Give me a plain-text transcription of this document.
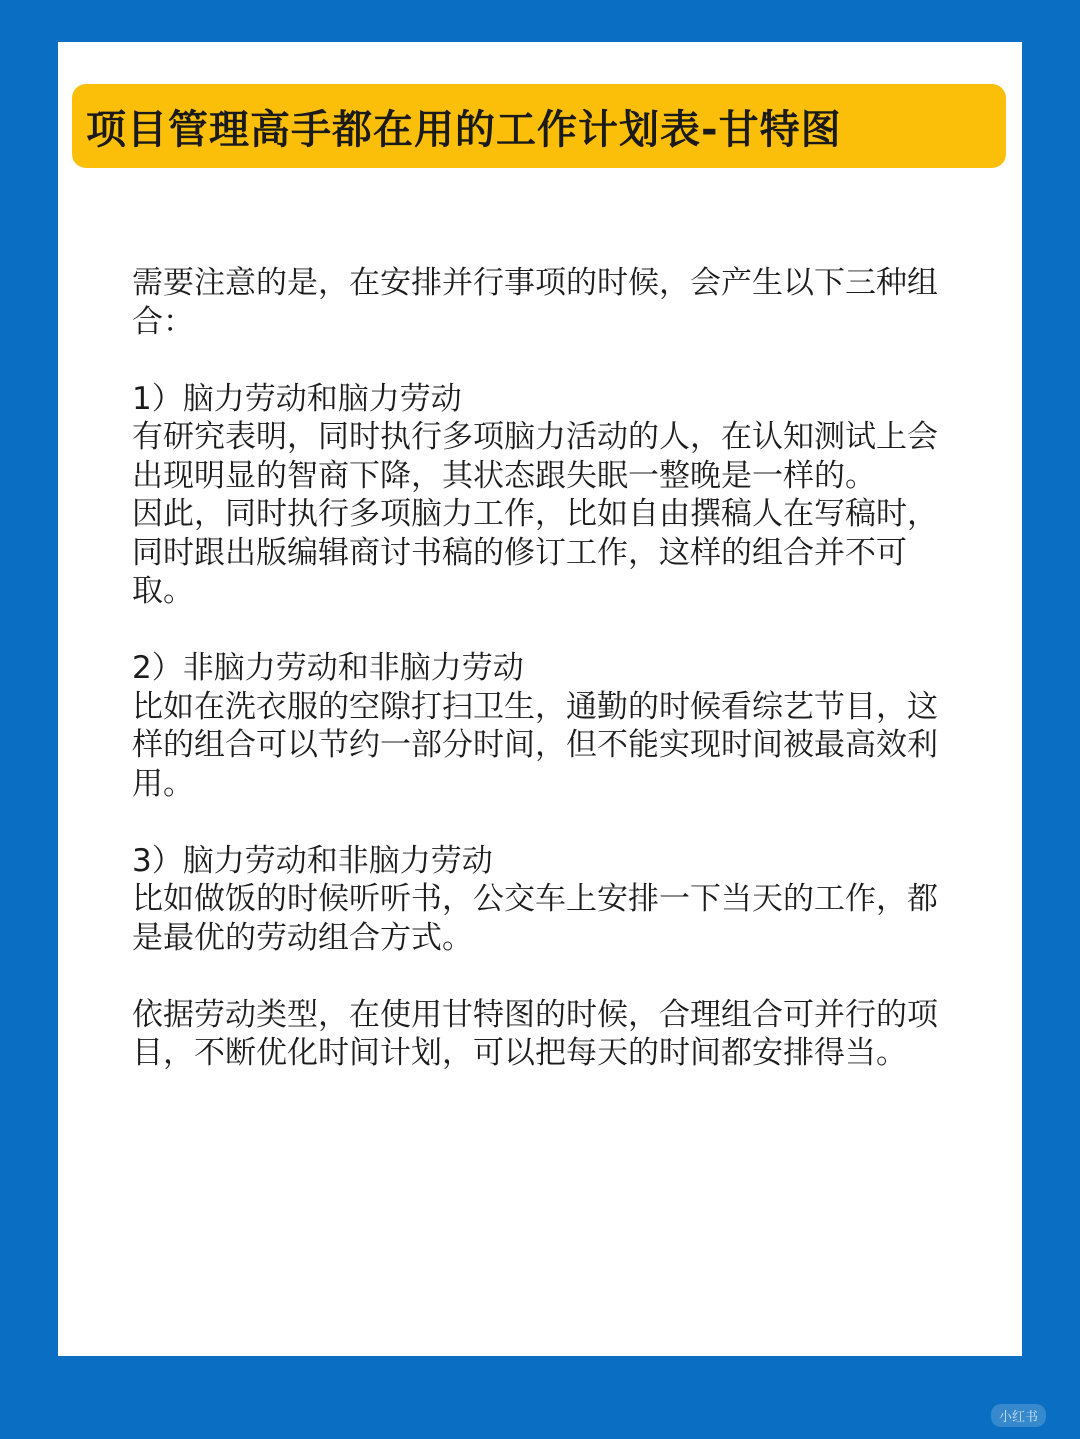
项目管理高手都在用的工作计划表-甘特图

需要注意的是，在安排并行事项的时候，会产生以下三种组合：

1）脑力劳动和脑力劳动

有研究表明，同时执行多项脑力活动的人，在认知测试上会出现明显的智商下降，其状态跟失眠一整晚是一样的。

因此，同时执行多项脑力工作，比如自由撰稿人在写稿时，同时跟出版编辑商讨书稿的修订工作，这样的组合并不可取。

2）非脑力劳动和非脑力劳动

比如在洗衣服的空隙打扫卫生，通勤的时候看综艺节目，这样的组合可以节约一部分时间，但不能实现时间被最高效利用。

3）脑力劳动和非脑力劳动

比如做饭的时候听听书，公交车上安排一下当天的工作，都是最优的劳动组合方式。

依据劳动类型，在使用甘特图的时候，合理组合可并行的项目，不断优化时间计划，可以把每天的时间都安排得当。

小红书
